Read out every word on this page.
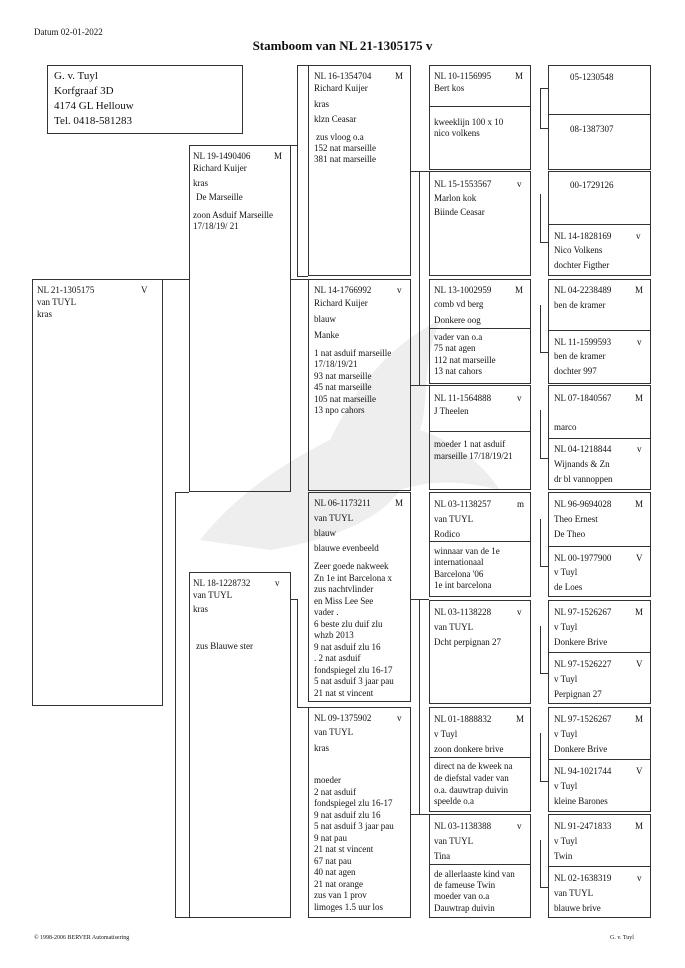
Datum 02-01-2022
Stamboom van NL 21-1305175 v
G. v. Tuyl
Korfgraaf 3D
4174 GL Hellouw
Tel. 0418-581283
NL 21-1305175	V
van TUYL
kras
NL 19-1490406	M
Richard Kuijer
kras
De Marseille
zoon Asduif Marseille
17/18/19/ 21
NL 18-1228732	v
van TUYL
kras
zus Blauwe ster
NL 16-1354704	M
Richard Kuijer
kras
klzn Ceasar
zus vloog o.a
152 nat marseille
381 nat marseille
NL 14-1766992	v
Richard Kuijer
blauw
Manke
1 nat asduif marseille
17/18/19/21
93 nat marseille
45 nat marseille
105 nat marseille
13 npo cahors
NL 06-1173211	M
van TUYL
blauw
blauwe evenbeeld
Zeer goede nakweek
Zn 1e int Barcelona x
zus nachtvlinder
en Miss Lee See
vader .
6 beste zlu duif zlu
whzb 2013
9 nat asduif zlu 16
. 2 nat asduif
fondspiegel zlu 16-17
5 nat asduif 3 jaar pau
21 nat st vincent
NL 09-1375902	v
van TUYL
kras
moeder
2 nat asduif
fondspiegel zlu 16-17
9 nat asduif zlu 16
5 nat asduif 3 jaar pau
9 nat pau
21 nat st vincent
67 nat pau
40 nat agen
21 nat orange
zus van 1 prov
limoges 1.5 uur los
NL 10-1156995	M
Bert kos
kweeklijn 100 x 10
nico volkens
NL 15-1553567	v
Marlon kok
Biinde Ceasar
NL 13-1002959	M
comb vd berg
Donkere oog
vader van o.a
75 nat agen
112 nat marseille
13 nat cahors
NL 11-1564888	v
J Theelen
moeder 1 nat asduif
marseille 17/18/19/21
NL 03-1138257	m
van TUYL
Rodico
winnaar van de 1e
internationaal
Barcelona '06
1e int barcelona
NL 03-1138228	v
van TUYL
Dcht perpignan 27
NL 01-1888832	M
v Tuyl
zoon donkere brive
direct na de kweek na
de diefstal vader van
o.a. dauwtrap duivin
speelde o.a
NL 03-1138388	v
van TUYL
Tina
de allerlaaste kind van
de fameuse Twin
moeder van o.a
Dauwtrap duivin
05-1230548
08-1387307
00-1729126
NL 14-1828169	v
Nico Volkens
dochter Figther
NL 04-2238489	M
ben de kramer
NL 11-1599593	v
ben de kramer
dochter 997
NL 07-1840567	M
marco
NL 04-1218844	v
Wijnands & Zn
dr bl vannoppen
NL 96-9694028	M
Theo Ernest
De Theo
NL 00-1977900	V
v Tuyl
de Loes
NL 97-1526267	M
v Tuyl
Donkere Brive
NL 97-1526227	V
v Tuyl
Perpignan 27
NL 97-1526267	M
v Tuyl
Donkere Brive
NL 94-1021744	V
v Tuyl
kleine Barones
NL 91-2471833	M
v Tuyl
Twin
NL 02-1638319	v
van TUYL
blauwe brive
© 1998-2006 BERVER Automatisering	G. v. Tuyl
